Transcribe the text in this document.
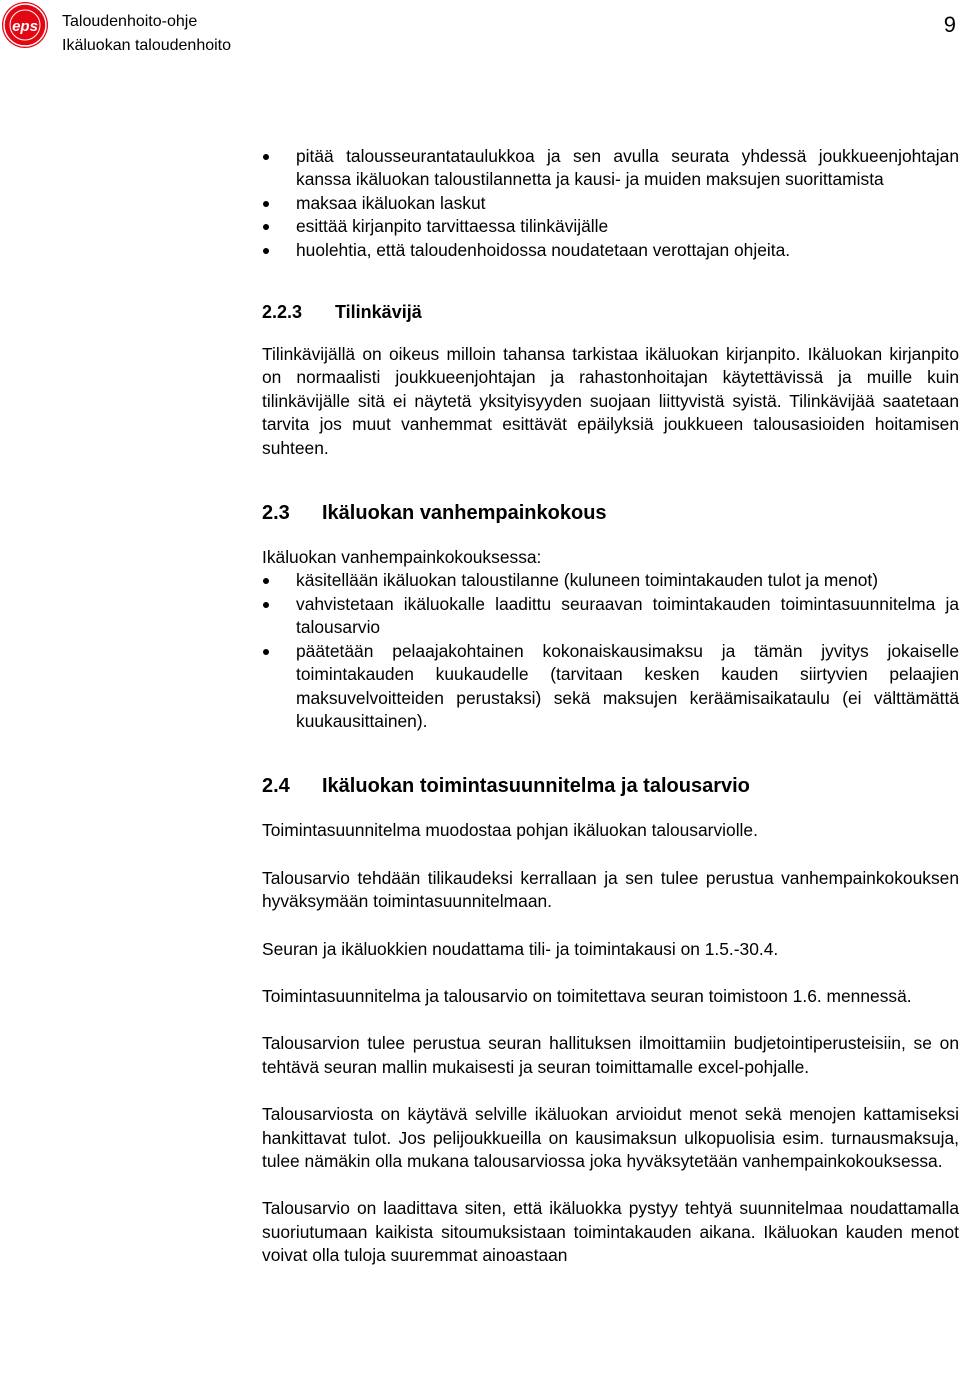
eps Taloudenhoito-ohje
Ikäluokan taloudenhoito
9
pitää talousseurantataulukkoa ja sen avulla seurata yhdessä joukkueenjohtajan kanssa ikäluokan taloustilannetta ja kausi- ja muiden maksujen suorittamista
maksaa ikäluokan laskut
esittää kirjanpito tarvittaessa tilinkävijälle
huolehtia, että taloudenhoidossa noudatetaan verottajan ohjeita.
2.2.3 Tilinkävijä

Tilinkävijällä on oikeus milloin tahansa tarkistaa ikäluokan kirjanpito. Ikäluokan kirjanpito on normaalisti joukkueenjohtajan ja rahastonhoitajan käytettävissä ja muille kuin tilinkävijälle sitä ei näytetä yksityisyyden suojaan liittyvistä syistä. Tilinkävijää saatetaan tarvita jos muut vanhemmat esittävät epäilyksiä joukkueen talousasioiden hoitamisen suhteen.

2.3 Ikäluokan vanhempainkokous

Ikäluokan vanhempainkokouksessa:

käsitellään ikäluokan taloustilanne (kuluneen toimintakauden tulot ja menot)
vahvistetaan ikäluokalle laadittu seuraavan toimintakauden toimintasuunnitelma ja talousarvio
päätetään pelaajakohtainen kokonaiskausimaksu ja tämän jyvitys jokaiselle toimintakauden kuukaudelle (tarvitaan kesken kauden siirtyvien pelaajien maksuvelvoitteiden perustaksi) sekä maksujen keräämisaikataulu (ei välttämättä kuukausittainen).
2.4 Ikäluokan toimintasuunnitelma ja talousarvio

Toimintasuunnitelma muodostaa pohjan ikäluokan talousarviolle.

Talousarvio tehdään tilikaudeksi kerrallaan ja sen tulee perustua vanhempainkokouksen hyväksymään toimintasuunnitelmaan.

Seuran ja ikäluokkien noudattama tili- ja toimintakausi on 1.5.-30.4.

Toimintasuunnitelma ja talousarvio on toimitettava seuran toimistoon 1.6. mennessä.

Talousarvion tulee perustua seuran hallituksen ilmoittamiin budjetointiperusteisiin, se on tehtävä seuran mallin mukaisesti ja seuran toimittamalle excel-pohjalle.

Talousarviosta on käytävä selville ikäluokan arvioidut menot sekä menojen kattamiseksi hankittavat tulot. Jos pelijoukkueilla on kausimaksun ulkopuolisia esim. turnausmaksuja, tulee nämäkin olla mukana talousarviossa joka hyväksytetään vanhempainkokouksessa.

Talousarvio on laadittava siten, että ikäluokka pystyy tehtyä suunnitelmaa noudattamalla suoriutumaan kaikista sitoumuksistaan toimintakauden aikana. Ikäluokan kauden menot voivat olla tuloja suuremmat ainoastaan
